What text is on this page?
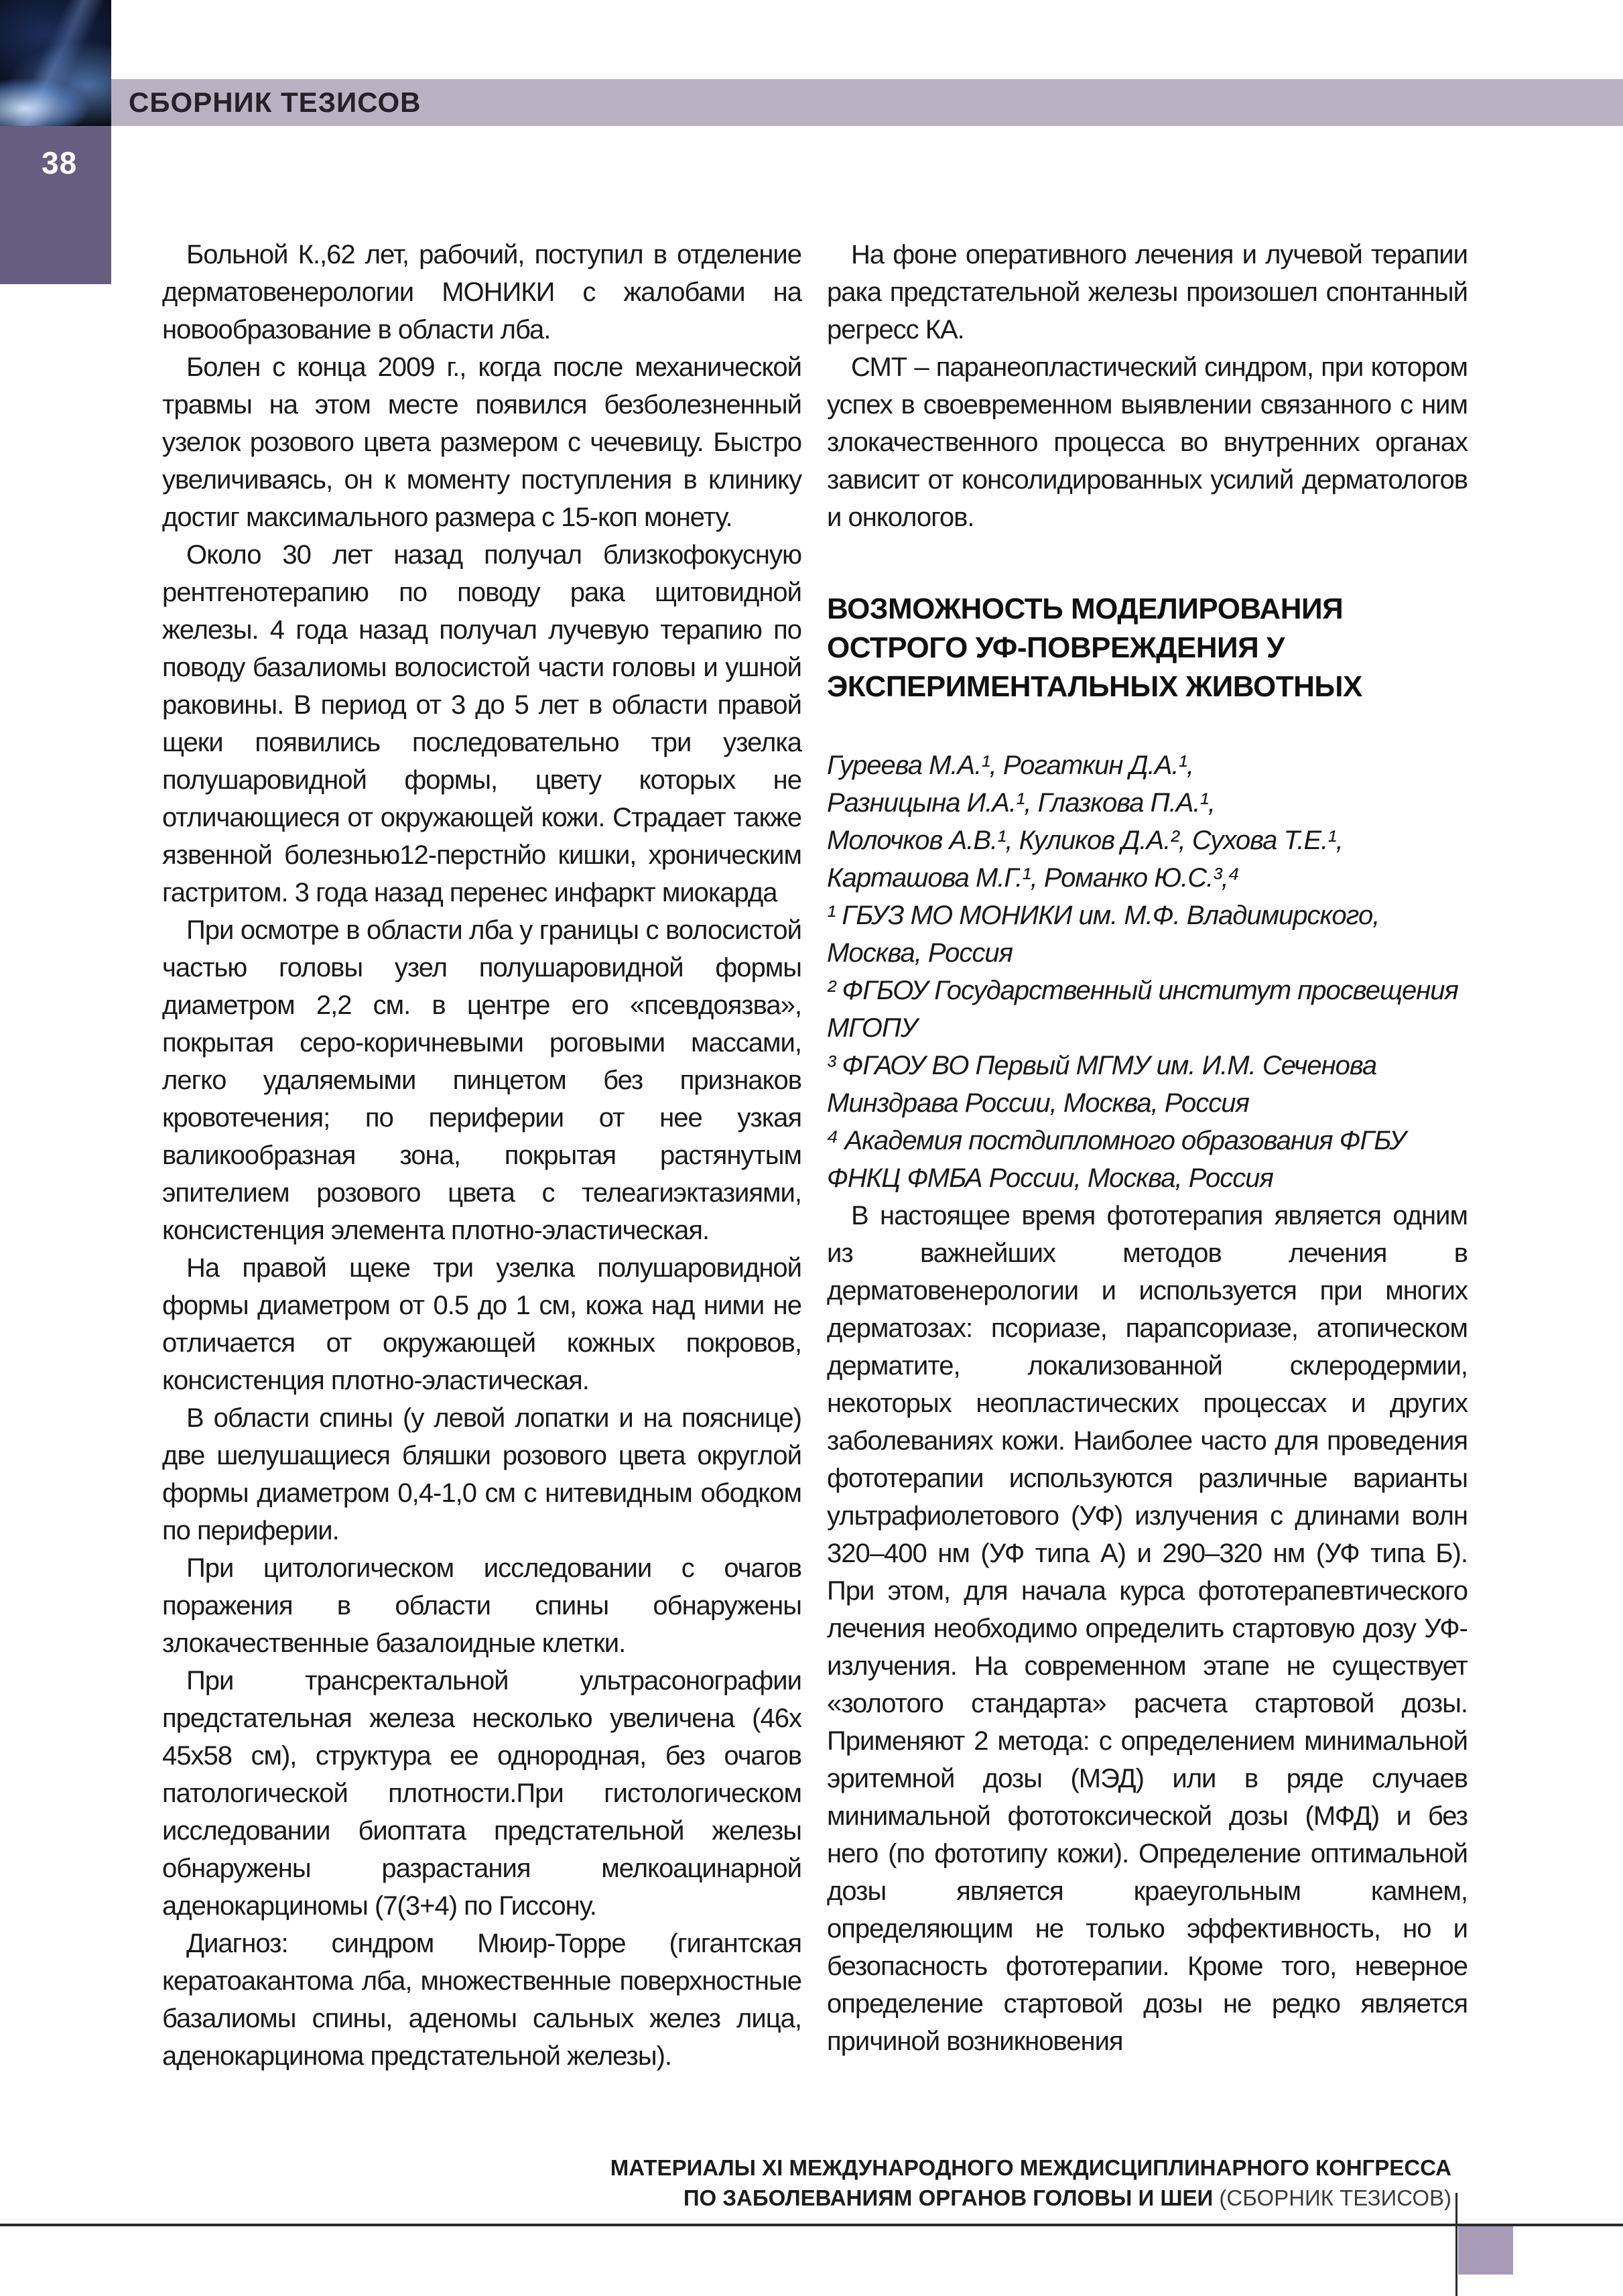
СБОРНИК ТЕЗИСОВ
38

Больной К.,62 лет, рабочий, поступил в отделение дерматовенерологии МОНИКИ с жалобами на новообразование в области лба.

Болен с конца 2009 г., когда после механической травмы на этом месте появился безболезненный узелок розового цвета размером с чечевицу. Быстро увеличиваясь, он к моменту поступления в клинику достиг максимального размера с 15-коп монету.

Около 30 лет назад получал близкофокусную рентгенотерапию по поводу рака щитовидной железы. 4 года назад получал лучевую терапию по поводу базалиомы волосистой части головы и ушной раковины. В период от 3 до 5 лет в области правой щеки появились последовательно три узелка полушаровидной формы, цвету которых не отличающиеся от окружающей кожи. Страдает также язвенной болезнью12-перстнйо кишки, хроническим гастритом. 3 года назад перенес инфаркт миокарда

При осмотре в области лба у границы с волосистой частью головы узел полушаровидной формы диаметром 2,2 см. в центре его «псевдоязва», покрытая серо-коричневыми роговыми массами, легко удаляемыми пинцетом без признаков кровотечения; по периферии от нее узкая валикообразная зона, покрытая растянутым эпителием розового цвета с телеагиэктазиями, консистенция элемента плотно-эластическая.

На правой щеке три узелка полушаровидной формы диаметром от 0.5 до 1 см, кожа над ними не отличается от окружающей кожных покровов, консистенция плотно-эластическая.

В области спины (у левой лопатки и на пояснице) две шелушащиеся бляшки розового цвета округлой формы диаметром 0,4-1,0 см с нитевидным ободком по периферии.

При цитологическом исследовании с очагов поражения в области спины обнаружены злокачественные базалоидные клетки.

При трансректальной ультрасонографии предстательная железа несколько увеличена (46х 45х58 см), структура ее однородная, без очагов патологической плотности.При гистологическом исследовании биоптата предстательной железы обнаружены разрастания мелкоацинарной аденокарциномы (7(3+4) по Гиссону.

Диагноз: синдром Мюир-Торре (гигантская кератоакантома лба, множественные поверхностные базалиомы спины, аденомы сальных желез лица, аденокарцинома предстательной железы).

На фоне оперативного лечения и лучевой терапии рака предстательной железы произошел спонтанный регресс КА.

СМТ – паранеопластический синдром, при котором успех в своевременном выявлении связанного с ним злокачественного процесса во внутренних органах зависит от консолидированных усилий дерматологов и онкологов.

ВОЗМОЖНОСТЬ МОДЕЛИРОВАНИЯ ОСТРОГО УФ-ПОВРЕЖДЕНИЯ У ЭКСПЕРИМЕНТАЛЬНЫХ ЖИВОТНЫХ
Гуреева М.А.¹, Рогаткин Д.А.¹,
Разницына И.А.¹, Глазкова П.А.¹,
Молочков А.В.¹, Куликов Д.А.², Сухова Т.Е.¹,
Карташова М.Г.¹, Романко Ю.С.³,⁴

¹ ГБУЗ МО МОНИКИ им. М.Ф. Владимирского, Москва, Россия

² ФГБОУ Государственный институт просвещения МГОПУ

³ ФГАОУ ВО Первый МГМУ им. И.М. Сеченова Минздрава России, Москва, Россия

⁴ Академия постдипломного образования ФГБУ ФНКЦ ФМБА России, Москва, Россия

В настоящее время фототерапия является одним из важнейших методов лечения в дерматовенерологии и используется при многих дерматозах: псориазе, парапсориазе, атопическом дерматите, локализованной склеродермии, некоторых неопластических процессах и других заболеваниях кожи. Наиболее часто для проведения фототерапии используются различные варианты ультрафиолетового (УФ) излучения с длинами волн 320–400 нм (УФ типа А) и 290–320 нм (УФ типа Б). При этом, для начала курса фототерапевтического лечения необходимо определить стартовую дозу УФ-излучения. На современном этапе не существует «золотого стандарта» расчета стартовой дозы. Применяют 2 метода: с определением минимальной эритемной дозы (МЭД) или в ряде случаев минимальной фототоксической дозы (МФД) и без него (по фототипу кожи). Определение оптимальной дозы является краеугольным камнем, определяющим не только эффективность, но и безопасность фототерапии. Кроме того, неверное определение стартовой дозы не редко является причиной возникновения

МАТЕРИАЛЫ XI МЕЖДУНАРОДНОГО МЕЖДИСЦИПЛИНАРНОГО КОНГРЕССА
ПО ЗАБОЛЕВАНИЯМ ОРГАНОВ ГОЛОВЫ И ШЕИ (СБОРНИК ТЕЗИСОВ)
